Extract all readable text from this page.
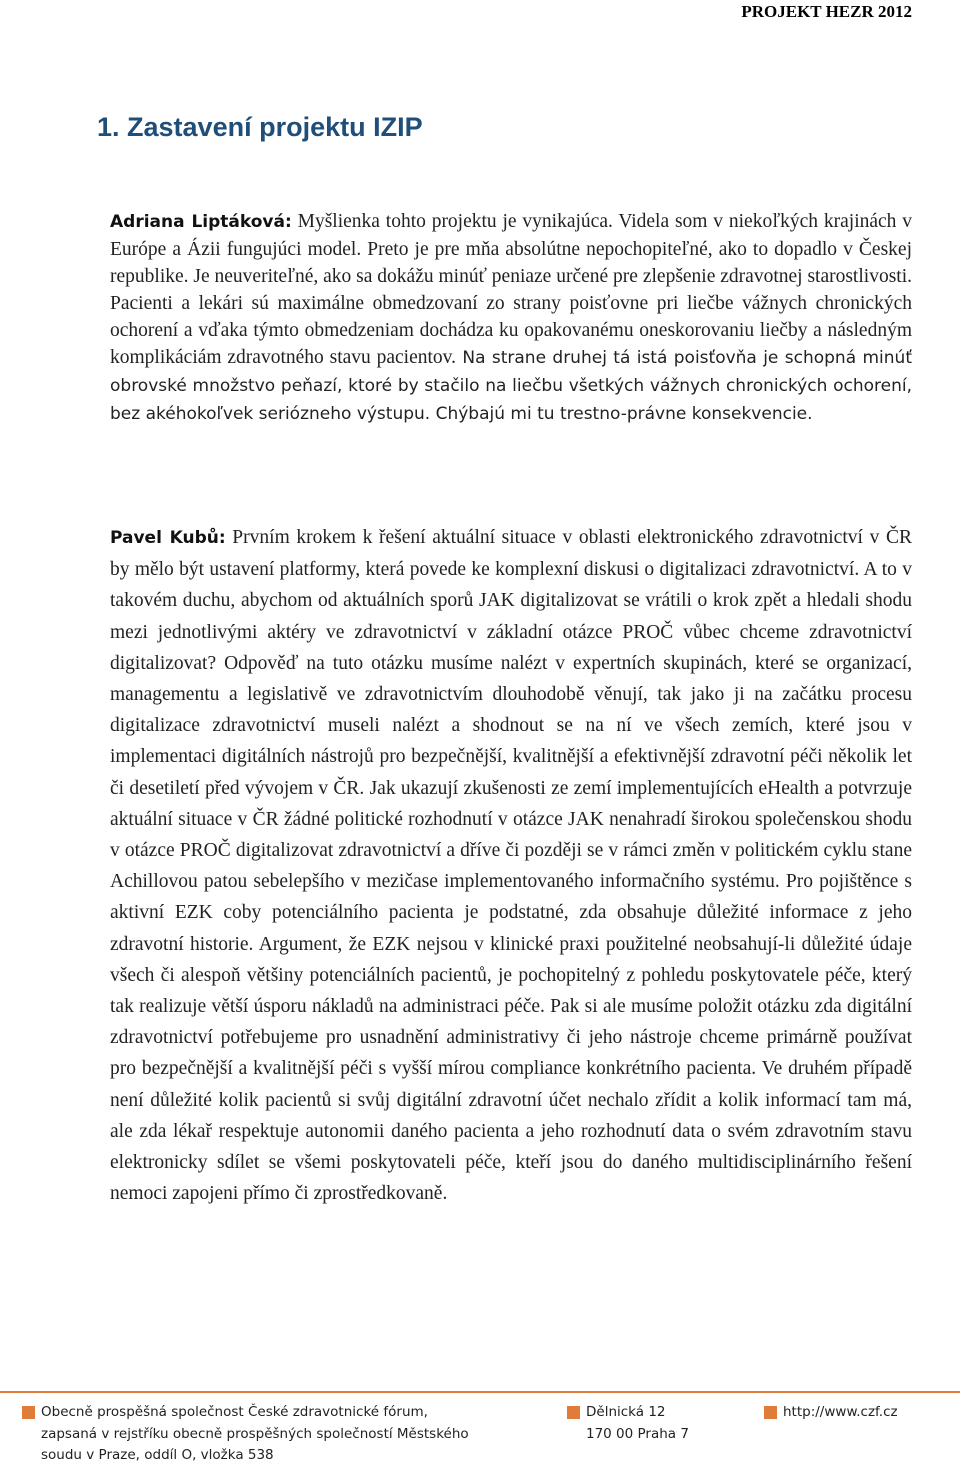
PROJEKT HEZR 2012
1. Zastavení projektu IZIP

Adriana Liptáková: Myšlienka tohto projektu je vynikajúca. Videla som v niekoľkých krajinách v Európe a Ázii fungujúci model. Preto je pre mňa absolútne nepochopiteľné, ako to dopadlo v Českej republike. Je neuveriteľné, ako sa dokážu minúť peniaze určené pre zlepšenie zdravotnej starostlivosti. Pacienti a lekári sú maximálne obmedzovaní zo strany poisťovne pri liečbe vážnych chronických ochorení a vďaka týmto obmedzeniam dochádza ku opakovanému oneskorovaniu liečby a následným komplikáciám zdravotného stavu pacientov. Na strane druhej tá istá poisťovňa je schopná minúť obrovské množstvo peňazí, ktoré by stačilo na liečbu všetkých vážnych chronických ochorení, bez akéhokoľvek seriózneho výstupu. Chýbajú mi tu trestno-právne konsekvencie.

Pavel Kubů: Prvním krokem k řešení aktuální situace v oblasti elektronického zdravotnictví v ČR by mělo být ustavení platformy, která povede ke komplexní diskusi o digitalizaci zdravotnictví. A to v takovém duchu, abychom od aktuálních sporů JAK digitalizovat se vrátili o krok zpět a hledali shodu mezi jednotlivými aktéry ve zdravotnictví v základní otázce PROČ vůbec chceme zdravotnictví digitalizovat? Odpověď na tuto otázku musíme nalézt v expertních skupinách, které se organizací, managementu a legislativě ve zdravotnictvím dlouhodobě věnují, tak jako ji na začátku procesu digitalizace zdravotnictví museli nalézt a shodnout se na ní ve všech zemích, které jsou v implementaci digitálních nástrojů pro bezpečnější, kvalitnější a efektivnější zdravotní péči několik let či desetiletí před vývojem v ČR. Jak ukazují zkušenosti ze zemí implementujících eHealth a potvrzuje aktuální situace v ČR žádné politické rozhodnutí v otázce JAK nenahradí širokou společenskou shodu v otázce PROČ digitalizovat zdravotnictví a dříve či později se v rámci změn v politickém cyklu stane Achillovou patou sebelepšího v mezičase implementovaného informačního systému. Pro pojištěnce s aktivní EZK coby potenciálního pacienta je podstatné, zda obsahuje důležité informace z jeho zdravotní historie. Argument, že EZK nejsou v klinické praxi použitelné neobsahují-li důležité údaje všech či alespoň většiny potenciálních pacientů, je pochopitelný z pohledu poskytovatele péče, který tak realizuje větší úsporu nákladů na administraci péče. Pak si ale musíme položit otázku zda digitální zdravotnictví potřebujeme pro usnadnění administrativy či jeho nástroje chceme primárně používat pro bezpečnější a kvalitnější péči s vyšší mírou compliance konkrétního pacienta. Ve druhém případě není důležité kolik pacientů si svůj digitální zdravotní účet nechalo zřídit a kolik informací tam má, ale zda lékař respektuje autonomii daného pacienta a jeho rozhodnutí data o svém zdravotním stavu elektronicky sdílet se všemi poskytovateli péče, kteří jsou do daného multidisciplinárního řešení nemoci zapojeni přímo či zprostředkovaně.

Obecně prospěšná společnost České zdravotnické fórum,
zapsaná v rejstříku obecně prospěšných společností Městského
soudu v Praze, oddíl O, vložka 538
Dělnická 12
170 00 Praha 7
http://www.czf.cz
